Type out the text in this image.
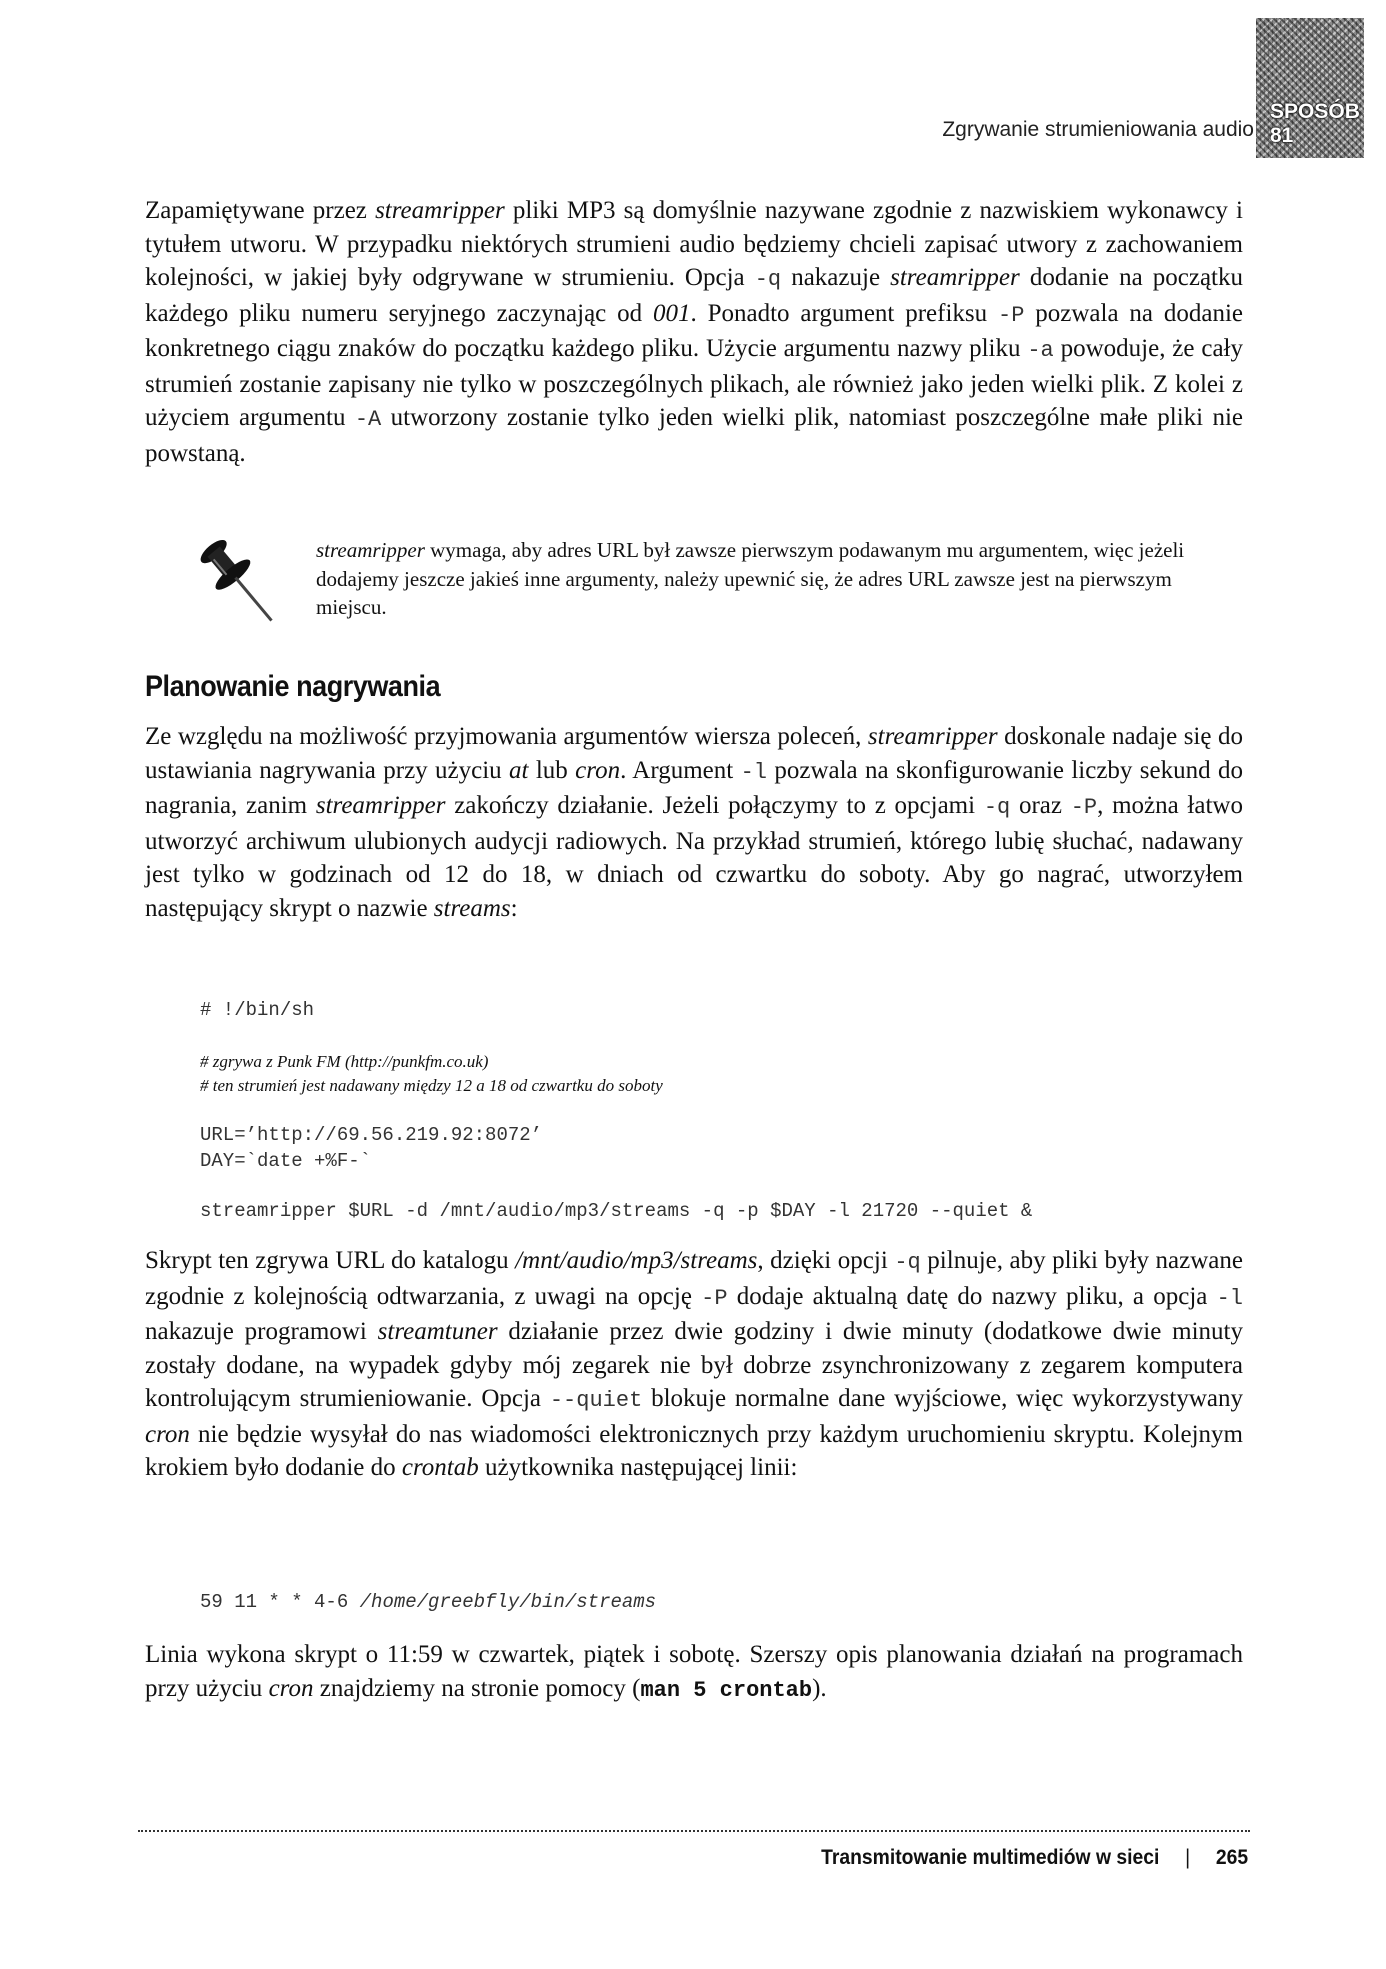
Zgrywanie strumieniowania audio
SPOSÓB
81

Zapamiętywane przez streamripper pliki MP3 są domyślnie nazywane zgodnie z nazwiskiem wykonawcy i tytułem utworu. W przypadku niektórych strumieni audio będziemy chcieli zapisać utwory z zachowaniem kolejności, w jakiej były odgrywane w strumieniu. Opcja -q nakazuje streamripper dodanie na początku każdego pliku numeru seryjnego zaczynając od 001. Ponadto argument prefiksu -P pozwala na dodanie konkretnego ciągu znaków do początku każdego pliku. Użycie argumentu nazwy pliku -a powoduje, że cały strumień zostanie zapisany nie tylko w poszczególnych plikach, ale również jako jeden wielki plik. Z kolei z użyciem argumentu -A utworzony zostanie tylko jeden wielki plik, natomiast poszczególne małe pliki nie powstaną.

streamripper wymaga, aby adres URL był zawsze pierwszym podawanym mu argumentem, więc jeżeli dodajemy jeszcze jakieś inne argumenty, należy upewnić się, że adres URL zawsze jest na pierwszym miejscu.

Planowanie nagrywania

Ze względu na możliwość przyjmowania argumentów wiersza poleceń, streamripper doskonale nadaje się do ustawiania nagrywania przy użyciu at lub cron. Argument -l pozwala na skonfigurowanie liczby sekund do nagrania, zanim streamripper zakończy działanie. Jeżeli połączymy to z opcjami -q oraz -P, można łatwo utworzyć archiwum ulubionych audycji radiowych. Na przykład strumień, którego lubię słuchać, nadawany jest tylko w godzinach od 12 do 18, w dniach od czwartku do soboty. Aby go nagrać, utworzyłem następujący skrypt o nazwie streams:

# !/bin/sh
# zgrywa z Punk FM (http://punkfm.co.uk)
# ten strumień jest nadawany między 12 a 18 od czwartku do soboty
URL=’http://69.56.219.92:8072’
DAY=`date +%F-`
streamripper $URL -d /mnt/audio/mp3/streams -q -p $DAY -l 21720 --quiet &

Skrypt ten zgrywa URL do katalogu /mnt/audio/mp3/streams, dzięki opcji -q pilnuje, aby pliki były nazwane zgodnie z kolejnością odtwarzania, z uwagi na opcję -P dodaje aktualną datę do nazwy pliku, a opcja -l nakazuje programowi streamtuner działanie przez dwie godziny i dwie minuty (dodatkowe dwie minuty zostały dodane, na wypadek gdyby mój zegarek nie był dobrze zsynchronizowany z zegarem komputera kontrolującym strumieniowanie. Opcja --quiet blokuje normalne dane wyjściowe, więc wykorzystywany cron nie będzie wysyłał do nas wiadomości elektronicznych przy każdym uruchomieniu skryptu. Kolejnym krokiem było dodanie do crontab użytkownika następującej linii:

59 11 * * 4-6 /home/greebfly/bin/streams

Linia wykona skrypt o 11:59 w czwartek, piątek i sobotę. Szerszy opis planowania działań na programach przy użyciu cron znajdziemy na stronie pomocy (man 5 crontab).

Transmitowanie multimediów w sieci | 265
